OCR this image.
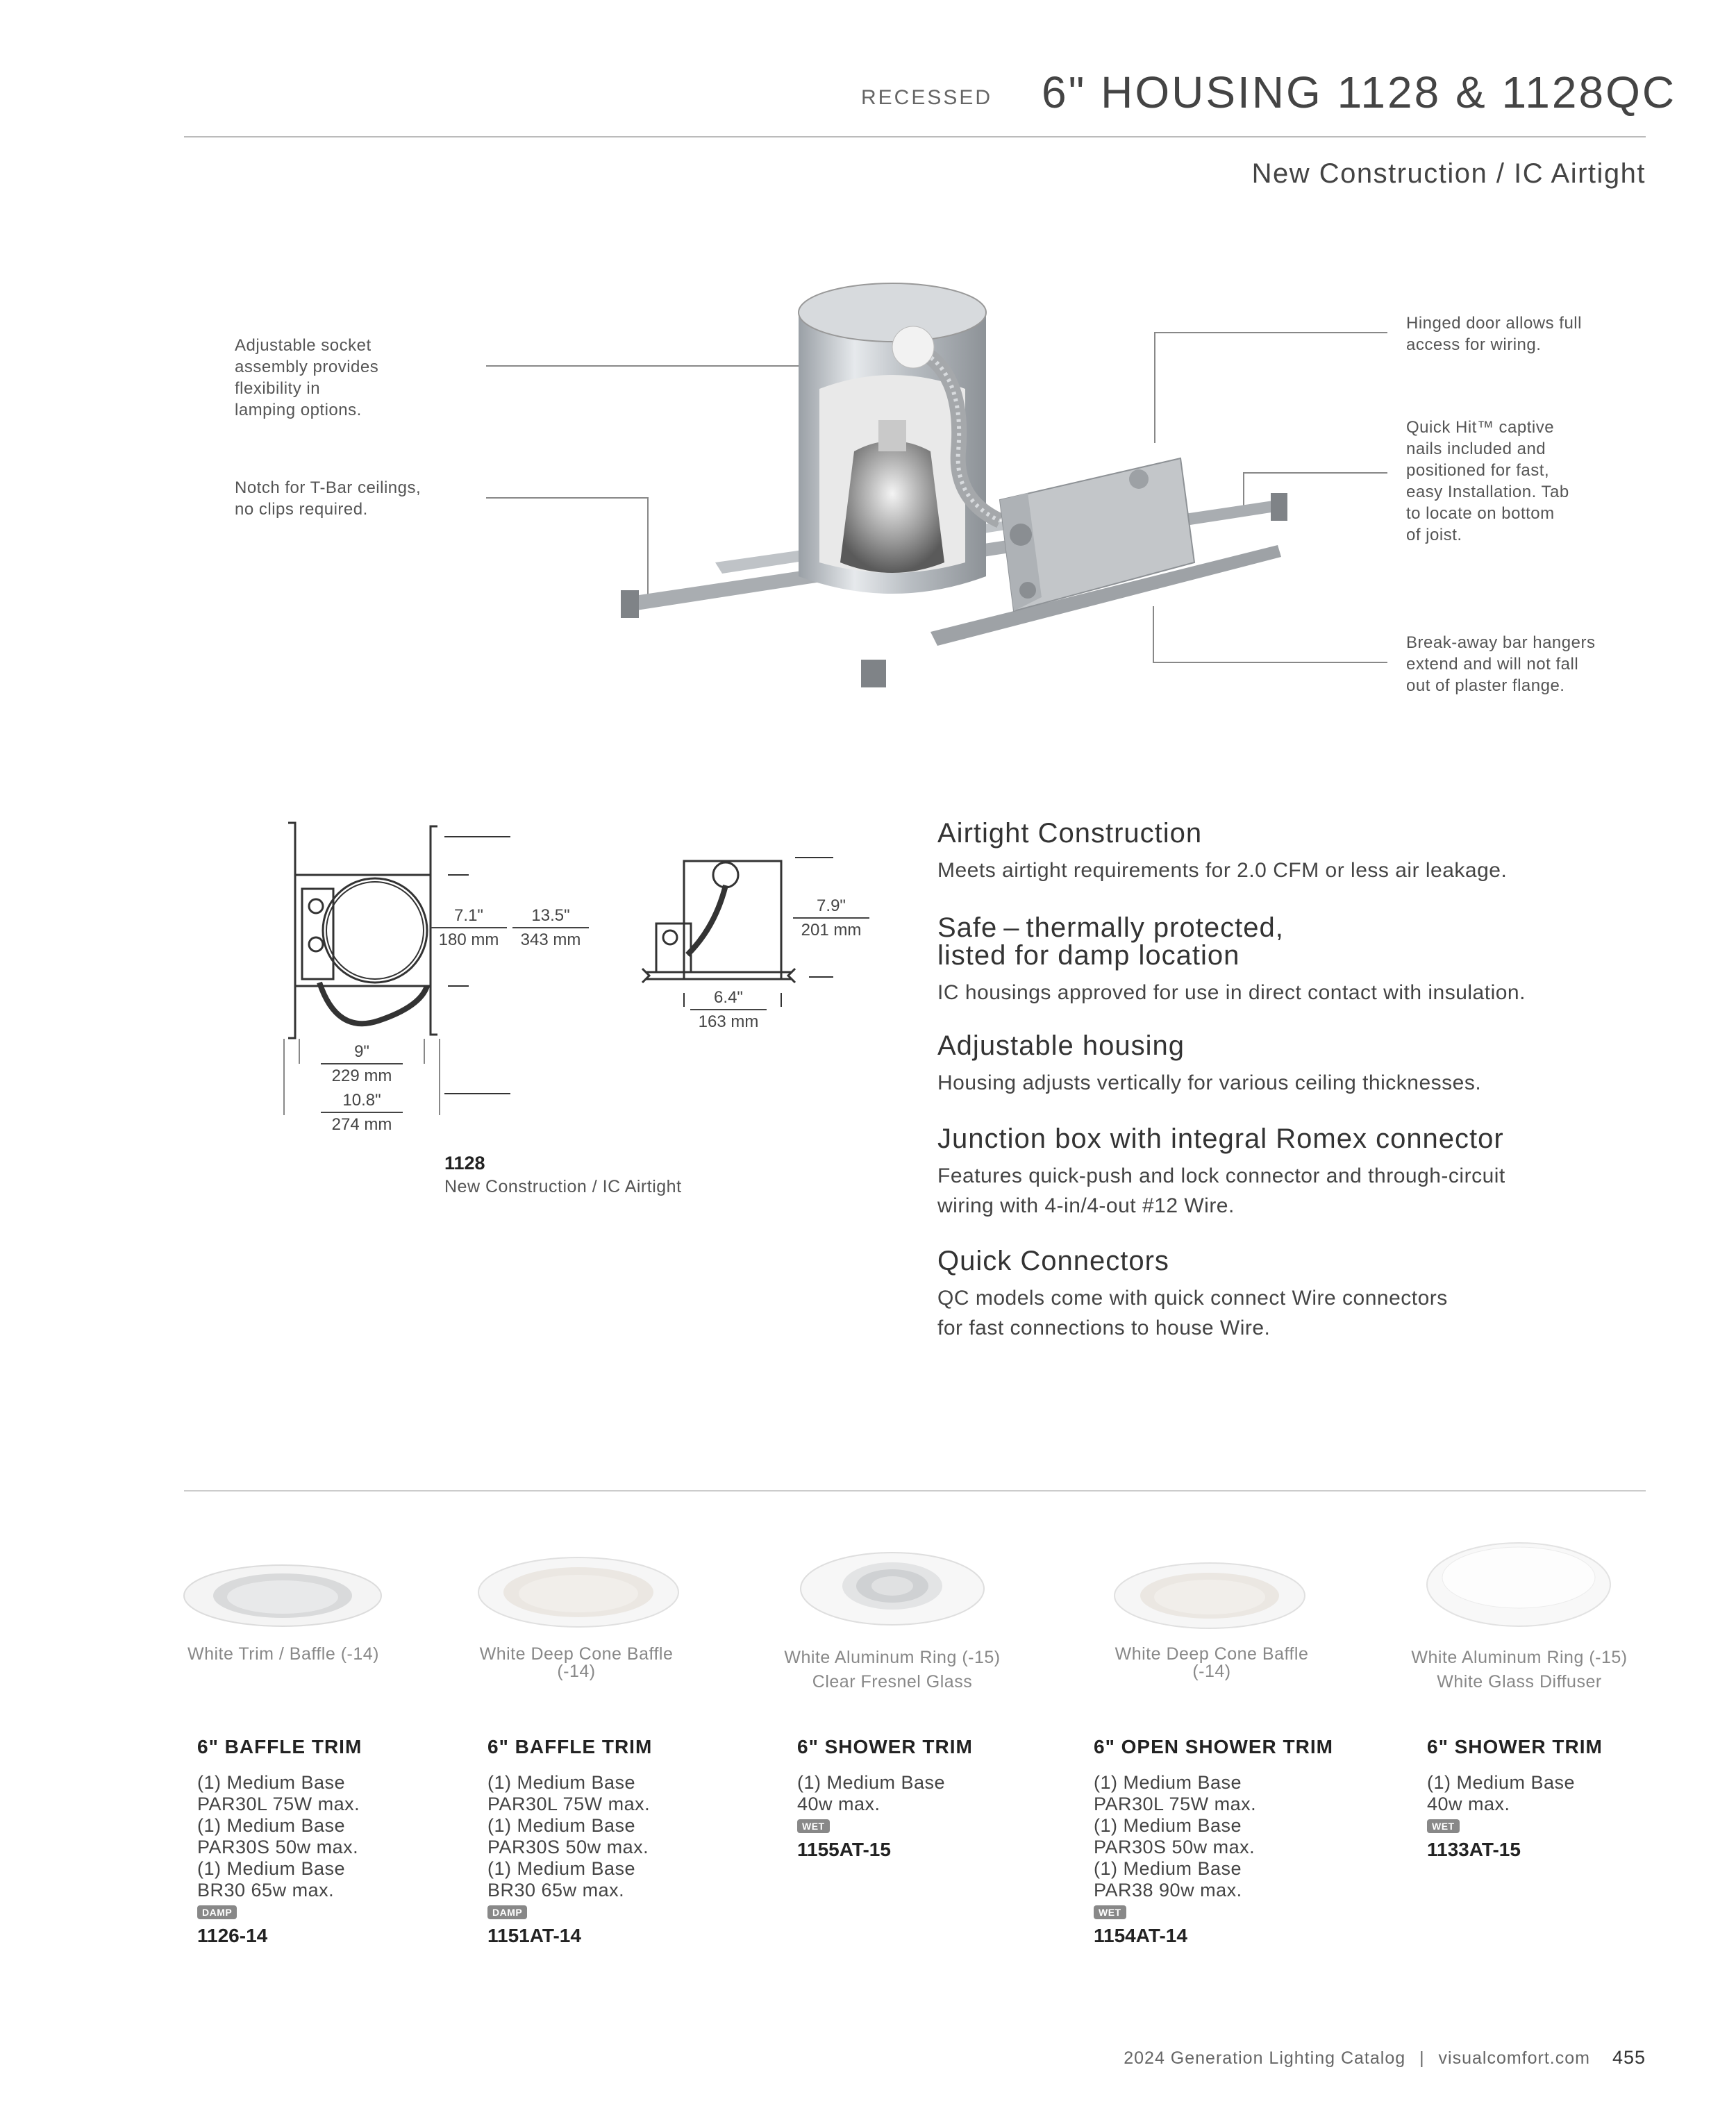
RECESSED 6" HOUSING 1128 & 1128QC
New Construction / IC Airtight
Adjustable socket
assembly provides
flexibility in
lamping options.
Notch for T-Bar ceilings,
no clips required.
Hinged door allows full
access for wiring.
Quick Hit™ captive
nails included and
positioned for fast,
easy Installation. Tab
to locate on bottom
of joist.
Break-away bar hangers
extend and will not fall
out of plaster flange.
7.1"
180 mm
13.5"
343 mm
9"
229 mm
10.8"
274 mm
7.9"
201 mm
6.4"
163 mm
1128
New Construction / IC Airtight
Airtight Construction

Meets airtight requirements for 2.0 CFM or less air leakage.

Safe – thermally protected,
listed for damp location

IC housings approved for use in direct contact with insulation.

Adjustable housing

Housing adjusts vertically for various ceiling thicknesses.

Junction box with integral Romex connector

Features quick-push and lock connector and through-circuit
wiring with 4-in/4-out #12 Wire.

Quick Connectors

QC models come with quick connect Wire connectors
for fast connections to house Wire.

White Trim / Baffle (-14)	White Deep Cone Baffle
(-14)
White Aluminum Ring (-15)
Clear Fresnel Glass
White Deep Cone Baffle
(-14)
White Aluminum Ring (-15)
White Glass Diffuser
6" BAFFLE TRIM
(1) Medium Base
PAR30L 75W max.
(1) Medium Base
PAR30S 50w max.
(1) Medium Base
BR30 65w max.
DAMP
1126-14
6" BAFFLE TRIM
(1) Medium Base
PAR30L 75W max.
(1) Medium Base
PAR30S 50w max.
(1) Medium Base
BR30 65w max.
DAMP
1151AT-14
6" SHOWER TRIM
(1) Medium Base
40w max.
WET
1155AT-15
6" OPEN SHOWER TRIM
(1) Medium Base
PAR30L 75W max.
(1) Medium Base
PAR30S 50w max.
(1) Medium Base
PAR38 90w max.
WET
1154AT-14
6" SHOWER TRIM
(1) Medium Base
40w max.
WET
1133AT-15
2024 Generation Lighting Catalog | visualcomfort.com 455
